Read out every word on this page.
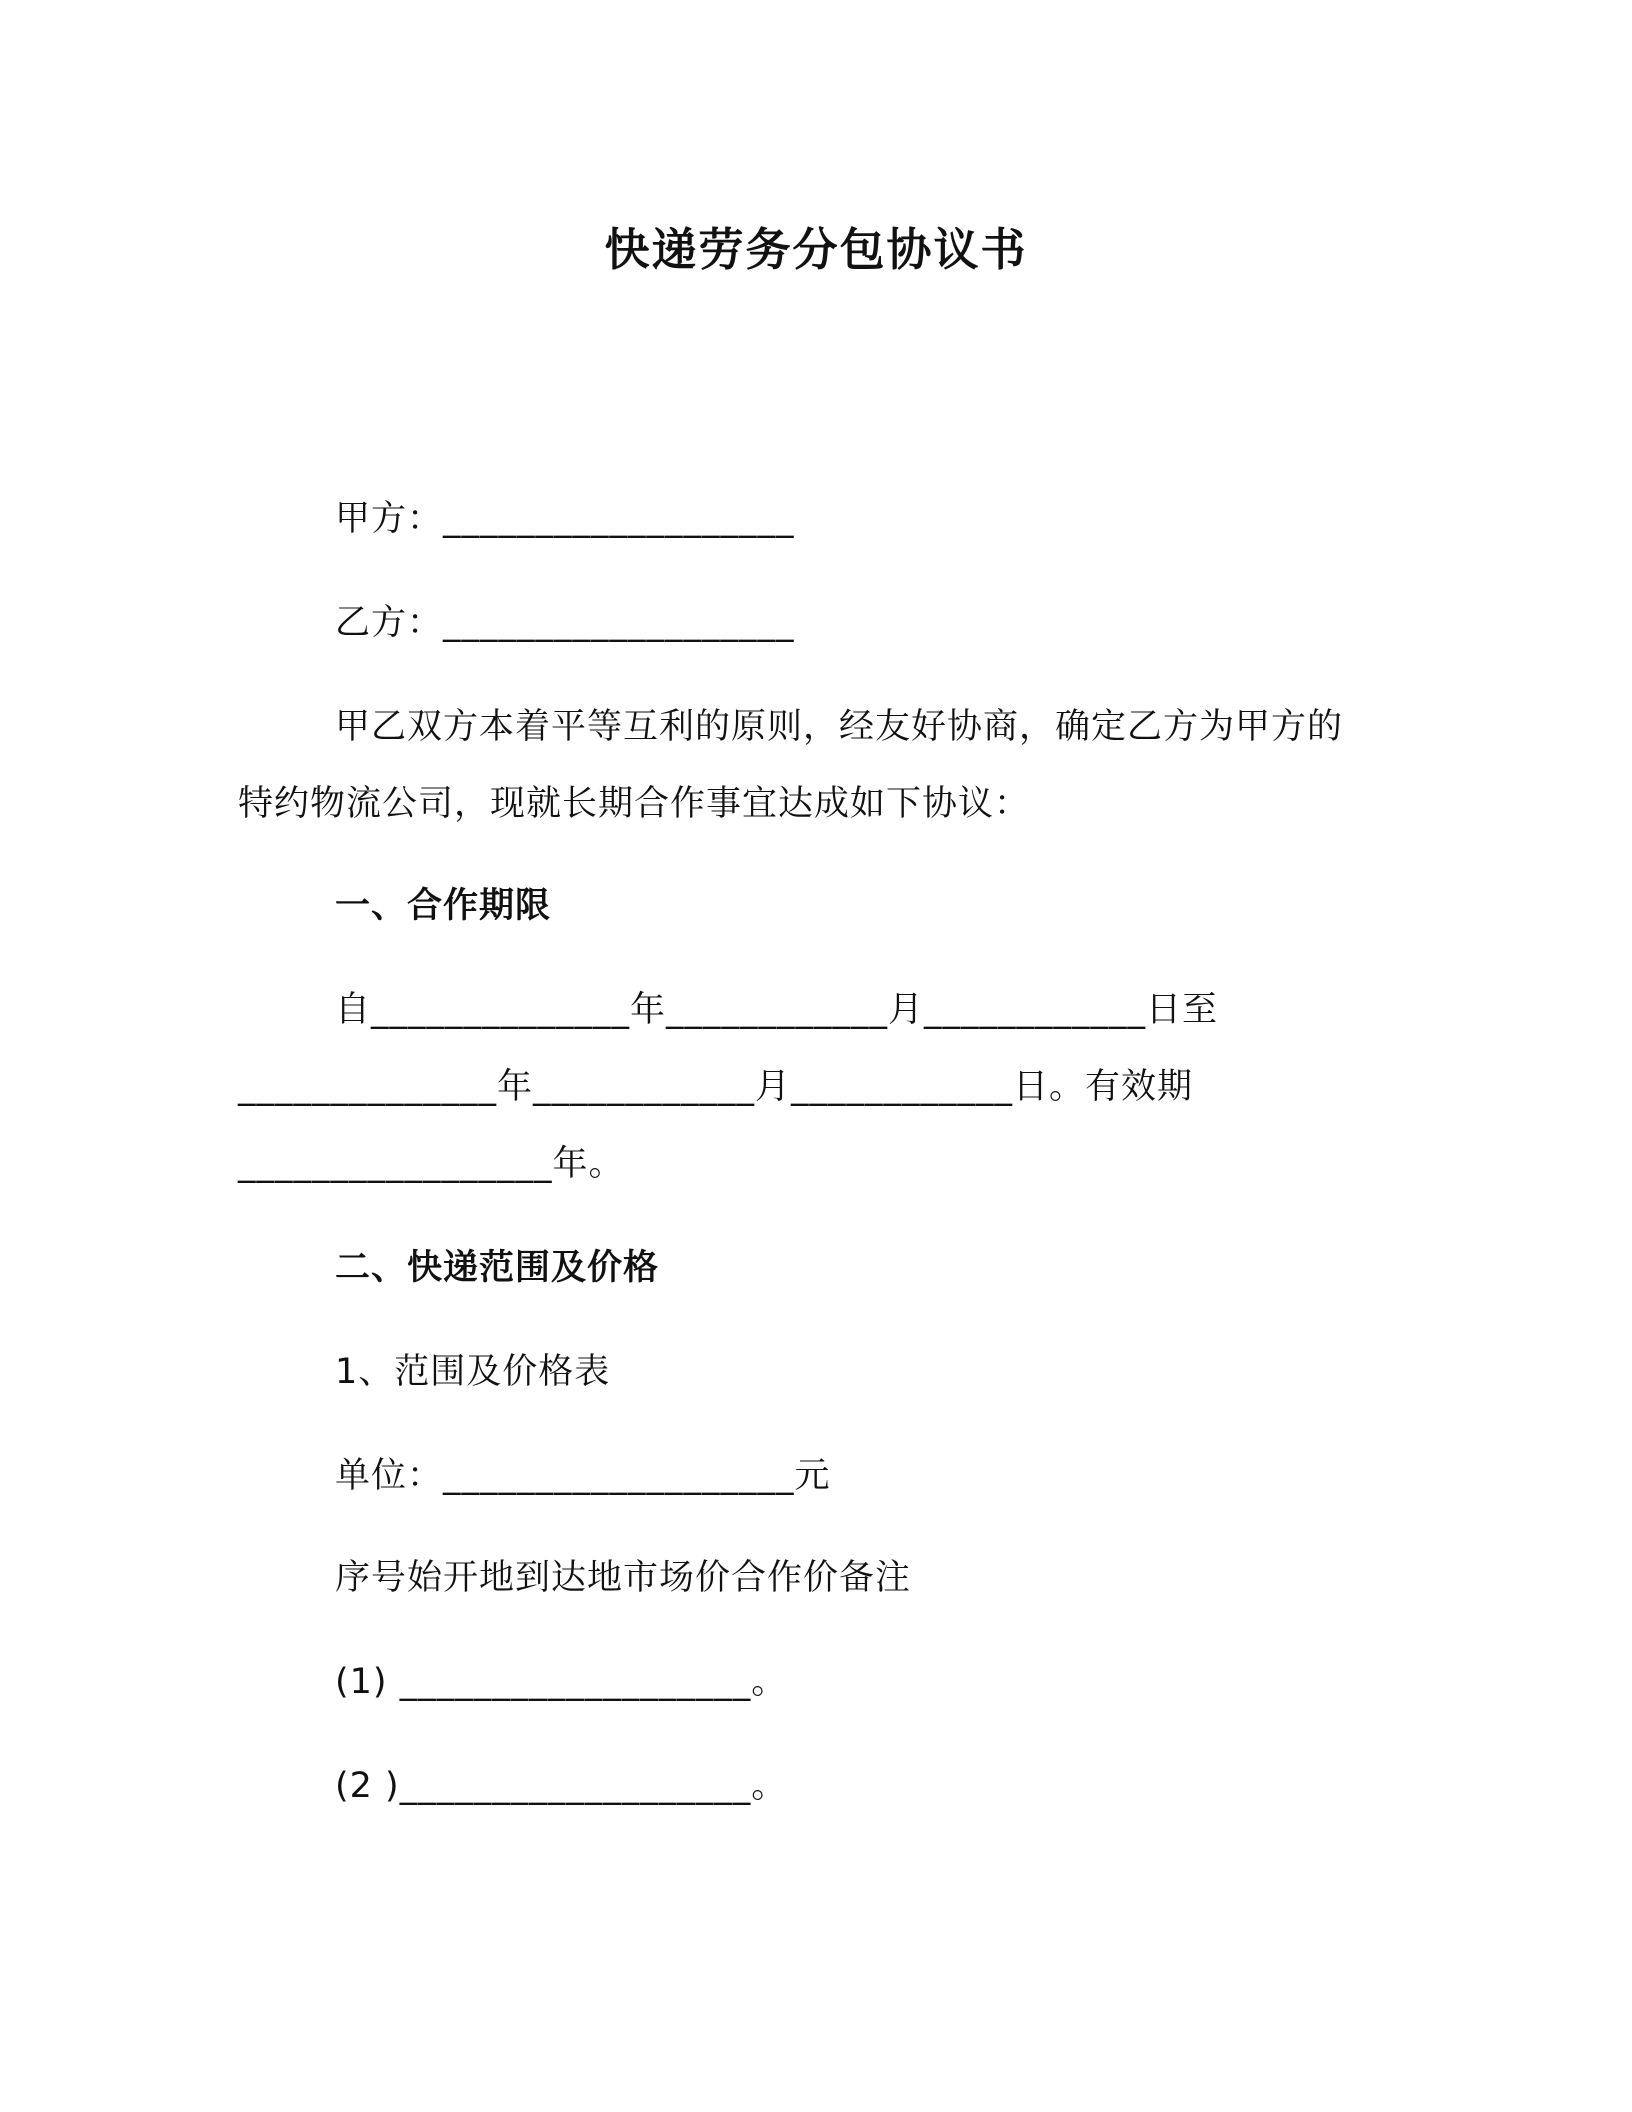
快递劳务分包协议书
甲方：___________________
乙方：___________________
甲乙双方本着平等互利的原则，经友好协商，确定乙方为甲方的
特约物流公司，现就长期合作事宜达成如下协议：
一、合作期限
自______________年____________月____________日至
______________年____________月____________日。有效期
_________________年。
二、快递范围及价格
1、范围及价格表
单位：___________________元
序号始开地到达地市场价合作价备注
(1) ___________________。
(2 )___________________。
